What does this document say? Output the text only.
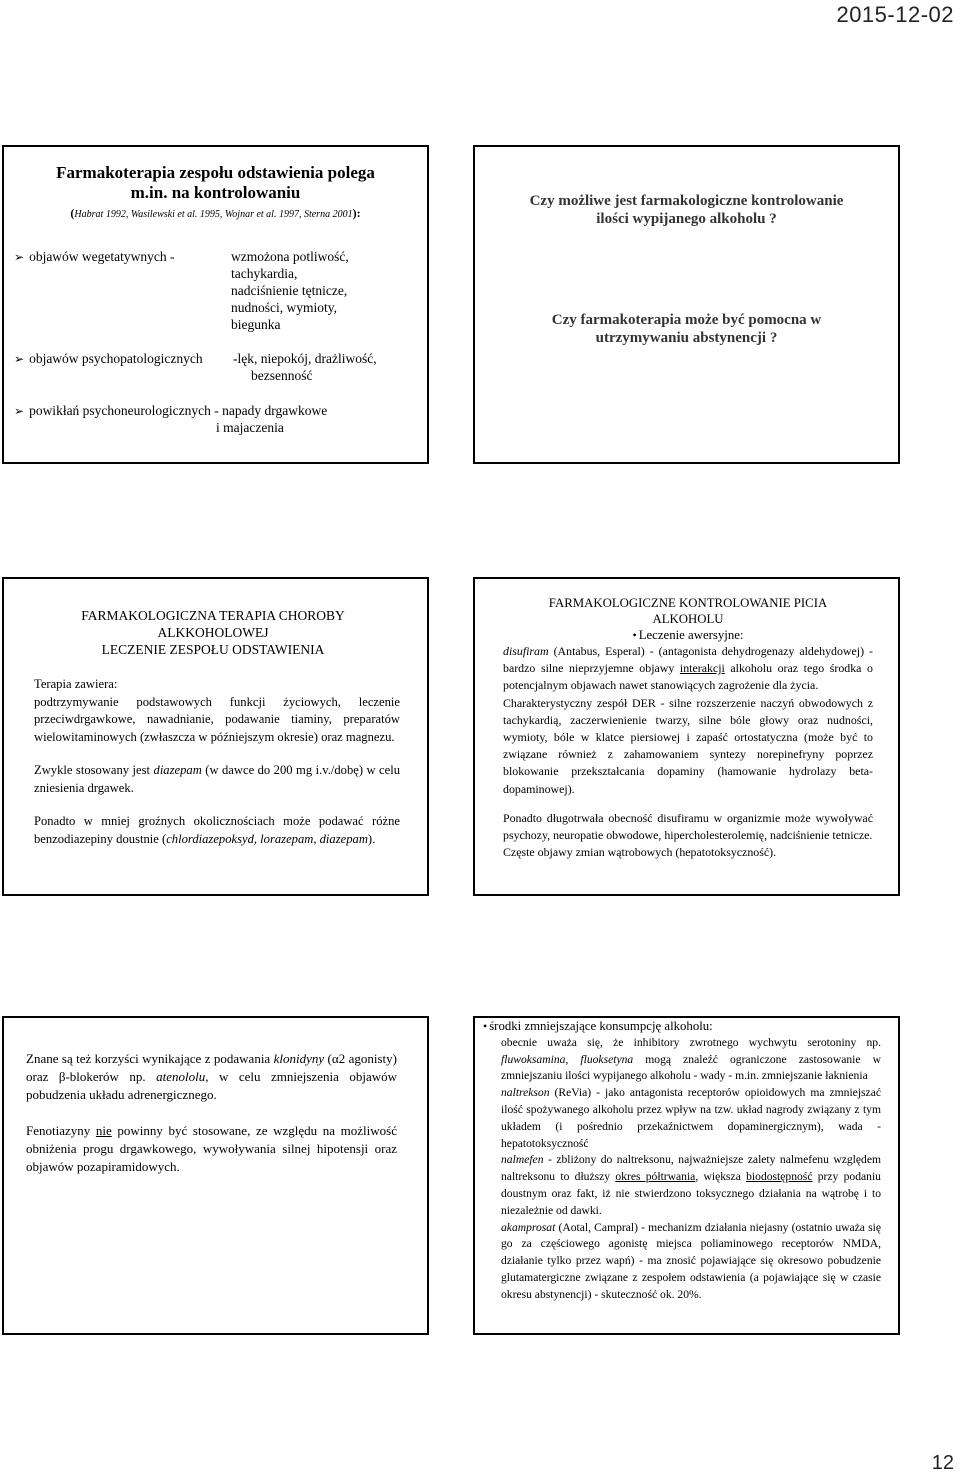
2015-12-02
Farmakoterapia zespołu odstawienia polega
m.in. na kontrolowaniu
(Habrat 1992, Wasilewski et al. 1995, Wojnar et al. 1997, Sterna 2001):
➢ objawów wegetatywnych -	wzmożona potliwość,
tachykardia,
nadciśnienie tętnicze,
nudności, wymioty,
biegunka
➢ objawów psychopatologicznych -lęk, niepokój, drażliwość,
bezsenność
➢ powikłań psychoneurologicznych - napady drgawkowe
i majaczenia
Czy możliwe jest farmakologiczne kontrolowanie
ilości wypijanego alkoholu ?
Czy farmakoterapia może być pomocna w
utrzymywaniu abstynencji ?
FARMAKOLOGICZNA TERAPIA CHOROBY
ALKKOHOLOWEJ
LECZENIE ZESPOŁU ODSTAWIENIA

Terapia zawiera:

podtrzymywanie podstawowych funkcji życiowych, leczenie przeciwdrgawkowe, nawadnianie, podawanie tiaminy, preparatów wielowitaminowych (zwłaszcza w późniejszym okresie) oraz magnezu.

Zwykle stosowany jest diazepam (w dawce do 200 mg i.v./dobę) w celu zniesienia drgawek.

Ponadto w mniej groźnych okolicznościach może podawać różne benzodiazepiny doustnie (chlordiazepoksyd, lorazepam, diazepam).

FARMAKOLOGICZNE KONTROLOWANIE PICIA
ALKOHOLU
• Leczenie awersyjne:

disufiram (Antabus, Esperal) - (antagonista dehydrogenazy aldehydowej) - bardzo silne nieprzyjemne objawy interakcji alkoholu oraz tego środka o potencjalnym objawach nawet stanowiących zagrożenie dla życia.

Charakterystyczny zespół DER - silne rozszerzenie naczyń obwodowych z tachykardią, zaczerwienienie twarzy, silne bóle głowy oraz nudności, wymioty, bóle w klatce piersiowej i zapaść ortostatyczna (może być to związane również z zahamowaniem syntezy norepinefryny poprzez blokowanie przekształcania dopaminy (hamowanie hydrolazy beta-dopaminowej).

Ponadto długotrwała obecność disufiramu w organizmie może wywoływać psychozy, neuropatie obwodowe, hipercholesterolemię, nadciśnienie tetnicze.

Częste objawy zmian wątrobowych (hepatotoksyczność).

Znane są też korzyści wynikające z podawania klonidyny (α2 agonisty) oraz β-blokerów np. atenololu, w celu zmniejszenia objawów pobudzenia układu adrenergicznego.

Fenotiazyny nie powinny być stosowane, ze względu na możliwość obniżenia progu drgawkowego, wywoływania silnej hipotensji oraz objawów pozapiramidowych.

• środki zmniejszające konsumpcję alkoholu:

obecnie uważa się, że inhibitory zwrotnego wychwytu serotoniny np. fluwoksamina, fluoksetyna mogą znaleźć ograniczone zastosowanie w zmniejszaniu ilości wypijanego alkoholu - wady - m.in. zmniejszanie łaknienia

naltrekson (ReVia) - jako antagonista receptorów opioidowych ma zmniejszać ilość spożywanego alkoholu przez wpływ na tzw. układ nagrody związany z tym układem (i pośrednio przekaźnictwem dopaminergicznym), wada - hepatotoksyczność

nalmefen - zbliżony do naltreksonu, najważniejsze zalety nalmefenu względem naltreksonu to dłuższy okres półtrwania, większa biodostępność przy podaniu doustnym oraz fakt, iż nie stwierdzono toksycznego działania na wątrobę i to niezależnie od dawki.

akamprosat (Aotal, Campral) - mechanizm działania niejasny (ostatnio uważa się go za częściowego agonistę miejsca poliaminowego receptorów NMDA, działanie tylko przez wapń) - ma znosić pojawiające się okresowo pobudzenie glutamatergiczne związane z zespołem odstawienia (a pojawiające się w czasie okresu abstynencji) - skuteczność ok. 20%.

12
